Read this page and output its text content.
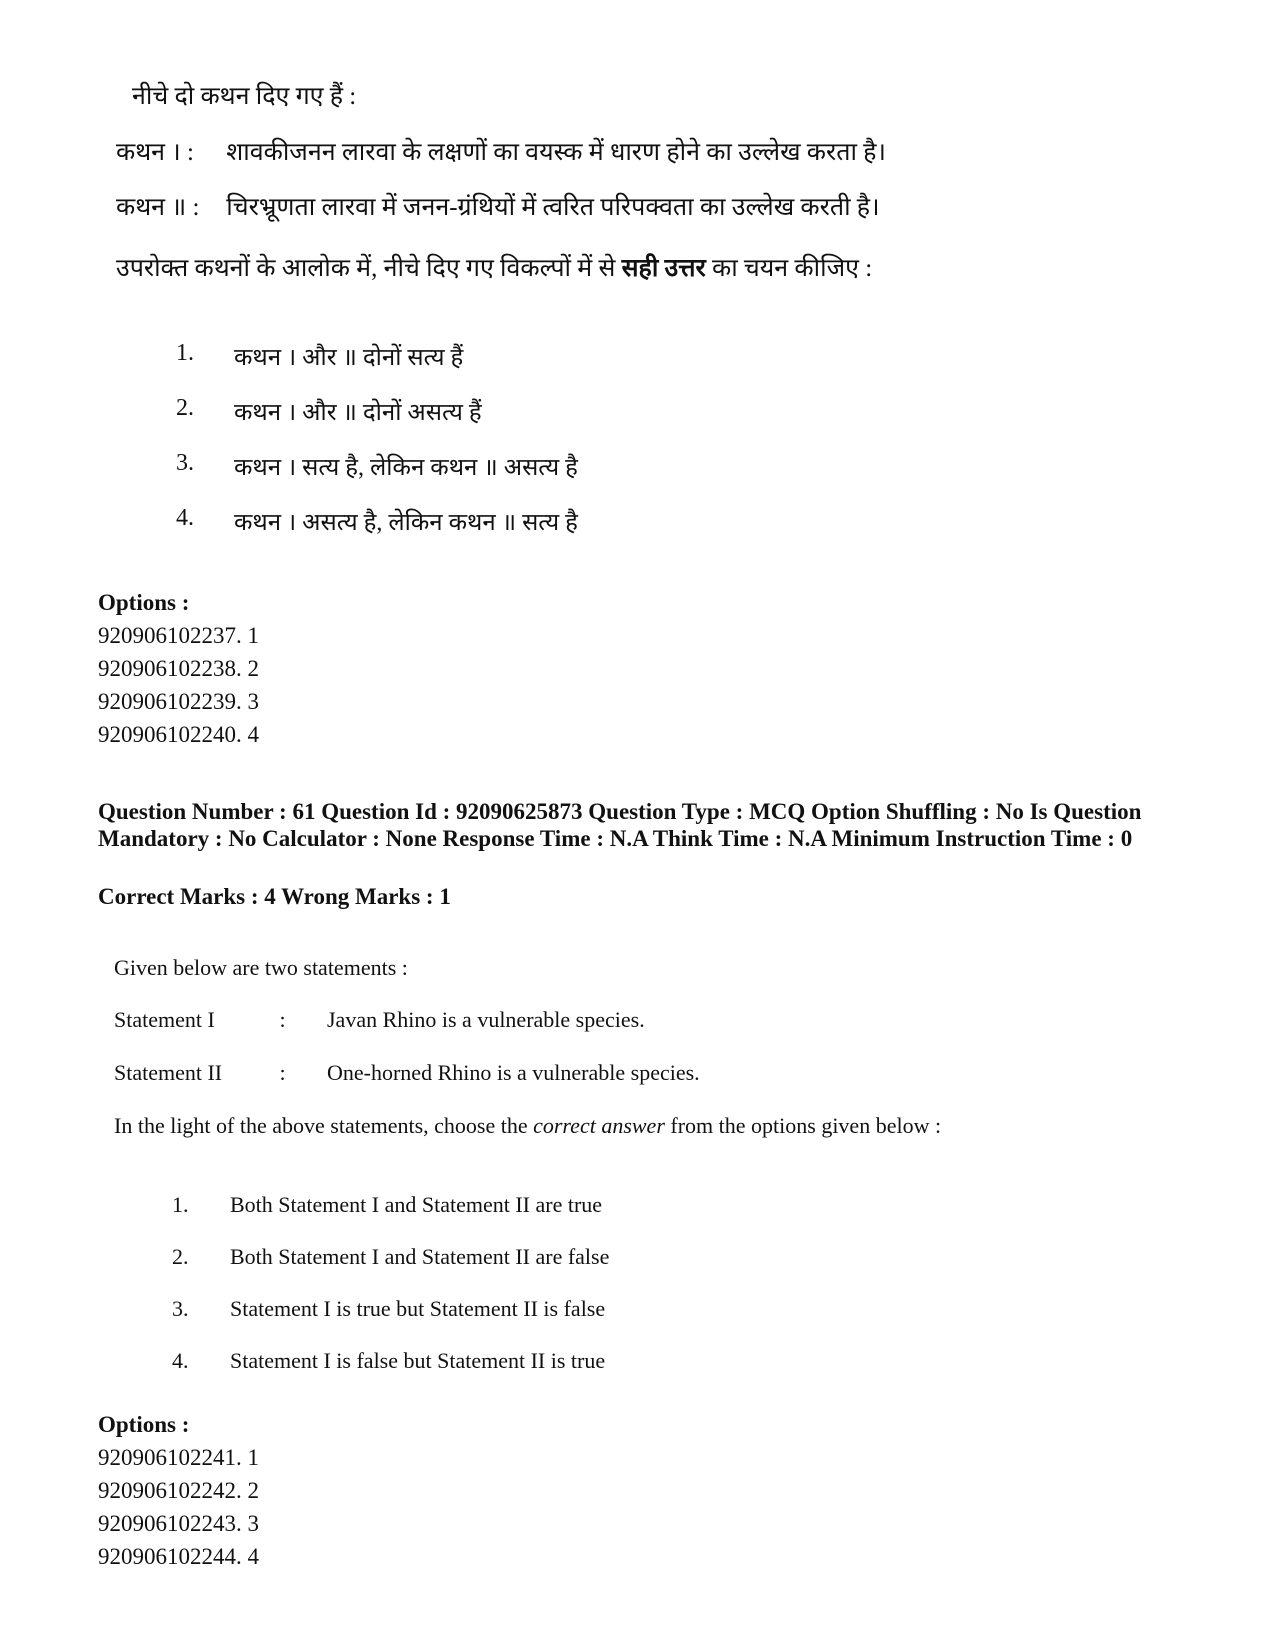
नीचे दो कथन दिए गए हैं :
कथन । : शावकीजनन लारवा के लक्षणों का वयस्क में धारण होने का उल्लेख करता है।
कथन ॥ : चिरभ्रूणता लारवा में जनन-ग्रंथियों में त्वरित परिपक्वता का उल्लेख करती है।
उपरोक्त कथनों के आलोक में, नीचे दिए गए विकल्पों में से सही उत्तर का चयन कीजिए :
1.	कथन । और ॥ दोनों सत्य हैं
2.	कथन । और ॥ दोनों असत्य हैं
3.	कथन । सत्य है, लेकिन कथन ॥ असत्य है
4.	कथन । असत्य है, लेकिन कथन ॥ सत्य है
Options :
920906102237. 1
920906102238. 2
920906102239. 3
920906102240. 4
Question Number : 61 Question Id : 92090625873 Question Type : MCQ Option Shuffling : No Is Question Mandatory : No Calculator : None Response Time : N.A Think Time : N.A Minimum Instruction Time : 0
Correct Marks : 4 Wrong Marks : 1
Given below are two statements :
Statement I	: Javan Rhino is a vulnerable species.
Statement II	: One-horned Rhino is a vulnerable species.
In the light of the above statements, choose the correct answer from the options given below :
1.	Both Statement I and Statement II are true
2.	Both Statement I and Statement II are false
3.	Statement I is true but Statement II is false
4.	Statement I is false but Statement II is true
Options :
920906102241. 1
920906102242. 2
920906102243. 3
920906102244. 4
